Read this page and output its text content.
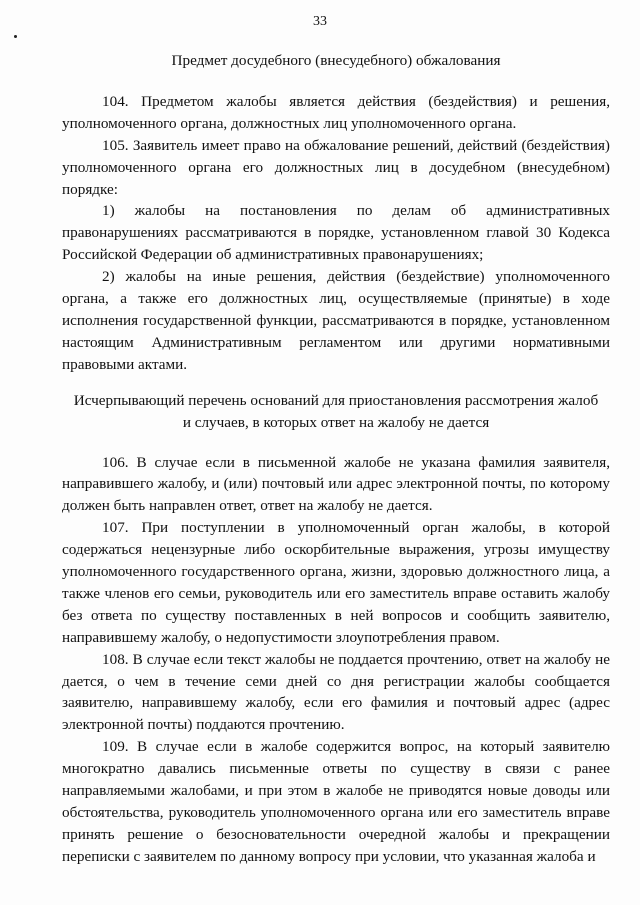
33
Предмет досудебного (внесудебного) обжалования

104. Предметом жалобы является действия (бездействия) и решения, уполномоченного органа, должностных лиц уполномоченного органа.

105. Заявитель имеет право на обжалование решений, действий (бездействия) уполномоченного органа его должностных лиц в досудебном (внесудебном) порядке:

1) жалобы на постановления по делам об административных правонарушениях рассматриваются в порядке, установленном главой 30 Кодекса Российской Федерации об административных правонарушениях;

2) жалобы на иные решения, действия (бездействие) уполномоченного органа, а также его должностных лиц, осуществляемые (принятые) в ходе исполнения государственной функции, рассматриваются в порядке, установленном настоящим Административным регламентом или другими нормативными правовыми актами.

Исчерпывающий перечень оснований для приостановления рассмотрения жалоб
и случаев, в которых ответ на жалобу не дается

106. В случае если в письменной жалобе не указана фамилия заявителя, направившего жалобу, и (или) почтовый или адрес электронной почты, по которому должен быть направлен ответ, ответ на жалобу не дается.

107. При поступлении в уполномоченный орган жалобы, в которой содержаться нецензурные либо оскорбительные выражения, угрозы имуществу уполномоченного государственного органа, жизни, здоровью должностного лица, а также членов его семьи, руководитель или его заместитель вправе оставить жалобу без ответа по существу поставленных в ней вопросов и сообщить заявителю, направившему жалобу, о недопустимости злоупотребления правом.

108. В случае если текст жалобы не поддается прочтению, ответ на жалобу не дается, о чем в течение семи дней со дня регистрации жалобы сообщается заявителю, направившему жалобу, если его фамилия и почтовый адрес (адрес электронной почты) поддаются прочтению.

109. В случае если в жалобе содержится вопрос, на который заявителю многократно давались письменные ответы по существу в связи с ранее направляемыми жалобами, и при этом в жалобе не приводятся новые доводы или обстоятельства, руководитель уполномоченного органа или его заместитель вправе принять решение о безосновательности очередной жалобы и прекращении переписки с заявителем по данному вопросу при условии, что указанная жалоба и
